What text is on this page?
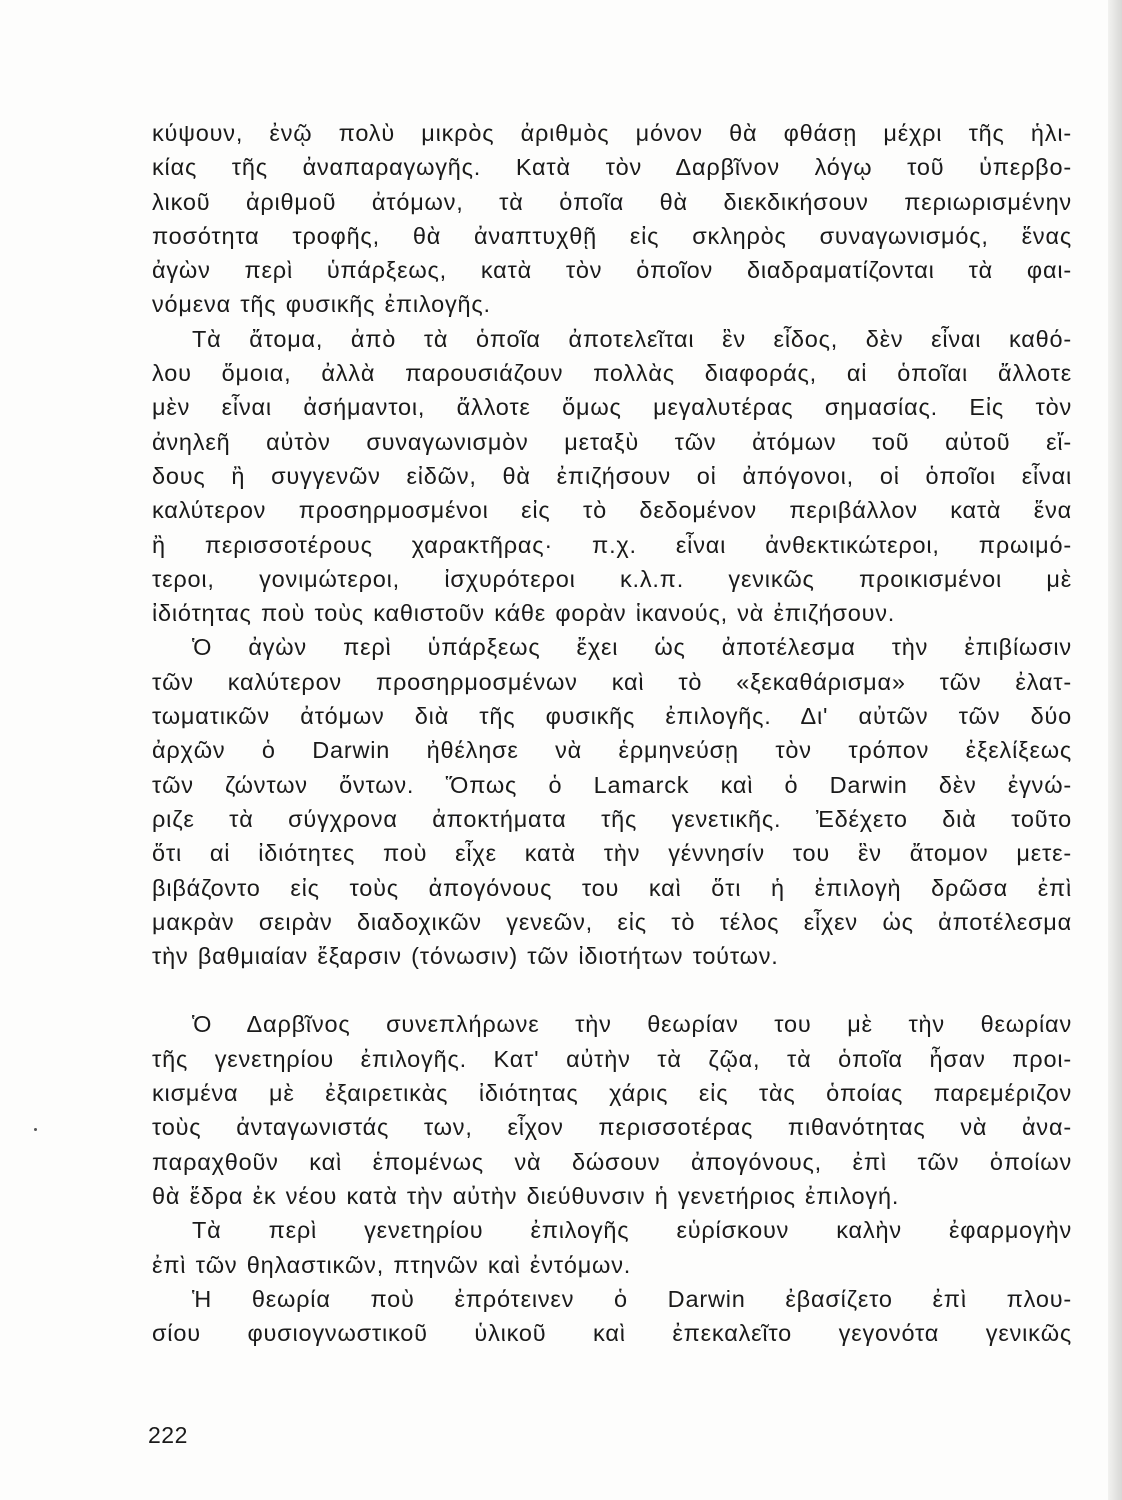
κύψουν, ἐνῷ πολὺ μικρὸς ἀριθμὸς μόνον θὰ φθάσῃ μέχρι τῆς ἡλι-
κίας τῆς ἀναπαραγωγῆς. Κατὰ τὸν Δαρβῖνον λόγῳ τοῦ ὑπερβο-
λικοῦ ἀριθμοῦ ἀτόμων, τὰ ὁποῖα θὰ διεκδικήσουν περιωρισμένην
ποσότητα τροφῆς, θὰ ἀναπτυχθῇ εἰς σκληρὸς συναγωνισμός, ἕνας
ἀγὼν περὶ ὑπάρξεως, κατὰ τὸν ὁποῖον διαδραματίζονται τὰ φαι-
νόμενα τῆς φυσικῆς ἐπιλογῆς.
Τὰ ἄτομα, ἀπὸ τὰ ὁποῖα ἀποτελεῖται ἓν εἶδος, δὲν εἶναι καθό-
λου ὅμοια, ἀλλὰ παρουσιάζουν πολλὰς διαφοράς, αἱ ὁποῖαι ἄλλοτε
μὲν εἶναι ἀσήμαντοι, ἄλλοτε ὅμως μεγαλυτέρας σημασίας. Εἰς τὸν
ἀνηλεῆ αὐτὸν συναγωνισμὸν μεταξὺ τῶν ἀτόμων τοῦ αὐτοῦ εἴ-
δους ἢ συγγενῶν εἰδῶν, θὰ ἐπιζήσουν οἱ ἀπόγονοι, οἱ ὁποῖοι εἶναι
καλύτερον προσηρμοσμένοι εἰς τὸ δεδομένον περιβάλλον κατὰ ἕνα
ἢ περισσοτέρους χαρακτῆρας· π.χ. εἶναι ἀνθεκτικώτεροι, πρωιμό-
τεροι, γονιμώτεροι, ἰσχυρότεροι κ.λ.π. γενικῶς προικισμένοι μὲ
ἰδιότητας ποὺ τοὺς καθιστοῦν κάθε φορὰν ἱκανούς, νὰ ἐπιζήσουν.
Ὁ ἀγὼν περὶ ὑπάρξεως ἔχει ὡς ἀποτέλεσμα τὴν ἐπιβίωσιν
τῶν καλύτερον προσηρμοσμένων καὶ τὸ «ξεκαθάρισμα» τῶν ἐλατ-
τωματικῶν ἀτόμων διὰ τῆς φυσικῆς ἐπιλογῆς. Δι' αὐτῶν τῶν δύο
ἀρχῶν ὁ Darwin ἠθέλησε νὰ ἑρμηνεύσῃ τὸν τρόπον ἐξελίξεως
τῶν ζώντων ὄντων. Ὅπως ὁ Lamarck καὶ ὁ Darwin δὲν ἐγνώ-
ριζε τὰ σύγχρονα ἀποκτήματα τῆς γενετικῆς. Ἐδέχετο διὰ τοῦτο
ὅτι αἱ ἰδιότητες ποὺ εἶχε κατὰ τὴν γέννησίν του ἓν ἄτομον μετε-
βιβάζοντο εἰς τοὺς ἀπογόνους του καὶ ὅτι ἡ ἐπιλογὴ δρῶσα ἐπὶ
μακρὰν σειρὰν διαδοχικῶν γενεῶν, εἰς τὸ τέλος εἶχεν ὡς ἀποτέλεσμα
τὴν βαθμιαίαν ἔξαρσιν (τόνωσιν) τῶν ἰδιοτήτων τούτων.
Ὁ Δαρβῖνος συνεπλήρωνε τὴν θεωρίαν του μὲ τὴν θεωρίαν
τῆς γενετηρίου ἐπιλογῆς. Κατ' αὐτὴν τὰ ζῷα, τὰ ὁποῖα ἦσαν προι-
κισμένα μὲ ἐξαιρετικὰς ἰδιότητας χάρις εἰς τὰς ὁποίας παρεμέριζον
τοὺς ἀνταγωνιστάς των, εἶχον περισσοτέρας πιθανότητας νὰ ἀνα-
παραχθοῦν καὶ ἑπομένως νὰ δώσουν ἀπογόνους, ἐπὶ τῶν ὁποίων
θὰ ἕδρα ἐκ νέου κατὰ τὴν αὐτὴν διεύθυνσιν ἡ γενετήριος ἐπιλογή.
Τὰ περὶ γενετηρίου ἐπιλογῆς εὑρίσκουν καλὴν ἐφαρμογὴν
ἐπὶ τῶν θηλαστικῶν, πτηνῶν καὶ ἐντόμων.
Ἡ θεωρία ποὺ ἐπρότεινεν ὁ Darwin ἐβασίζετο ἐπὶ πλου-
σίου φυσιογνωστικοῦ ὑλικοῦ καὶ ἐπεκαλεῖτο γεγονότα γενικῶς
222
